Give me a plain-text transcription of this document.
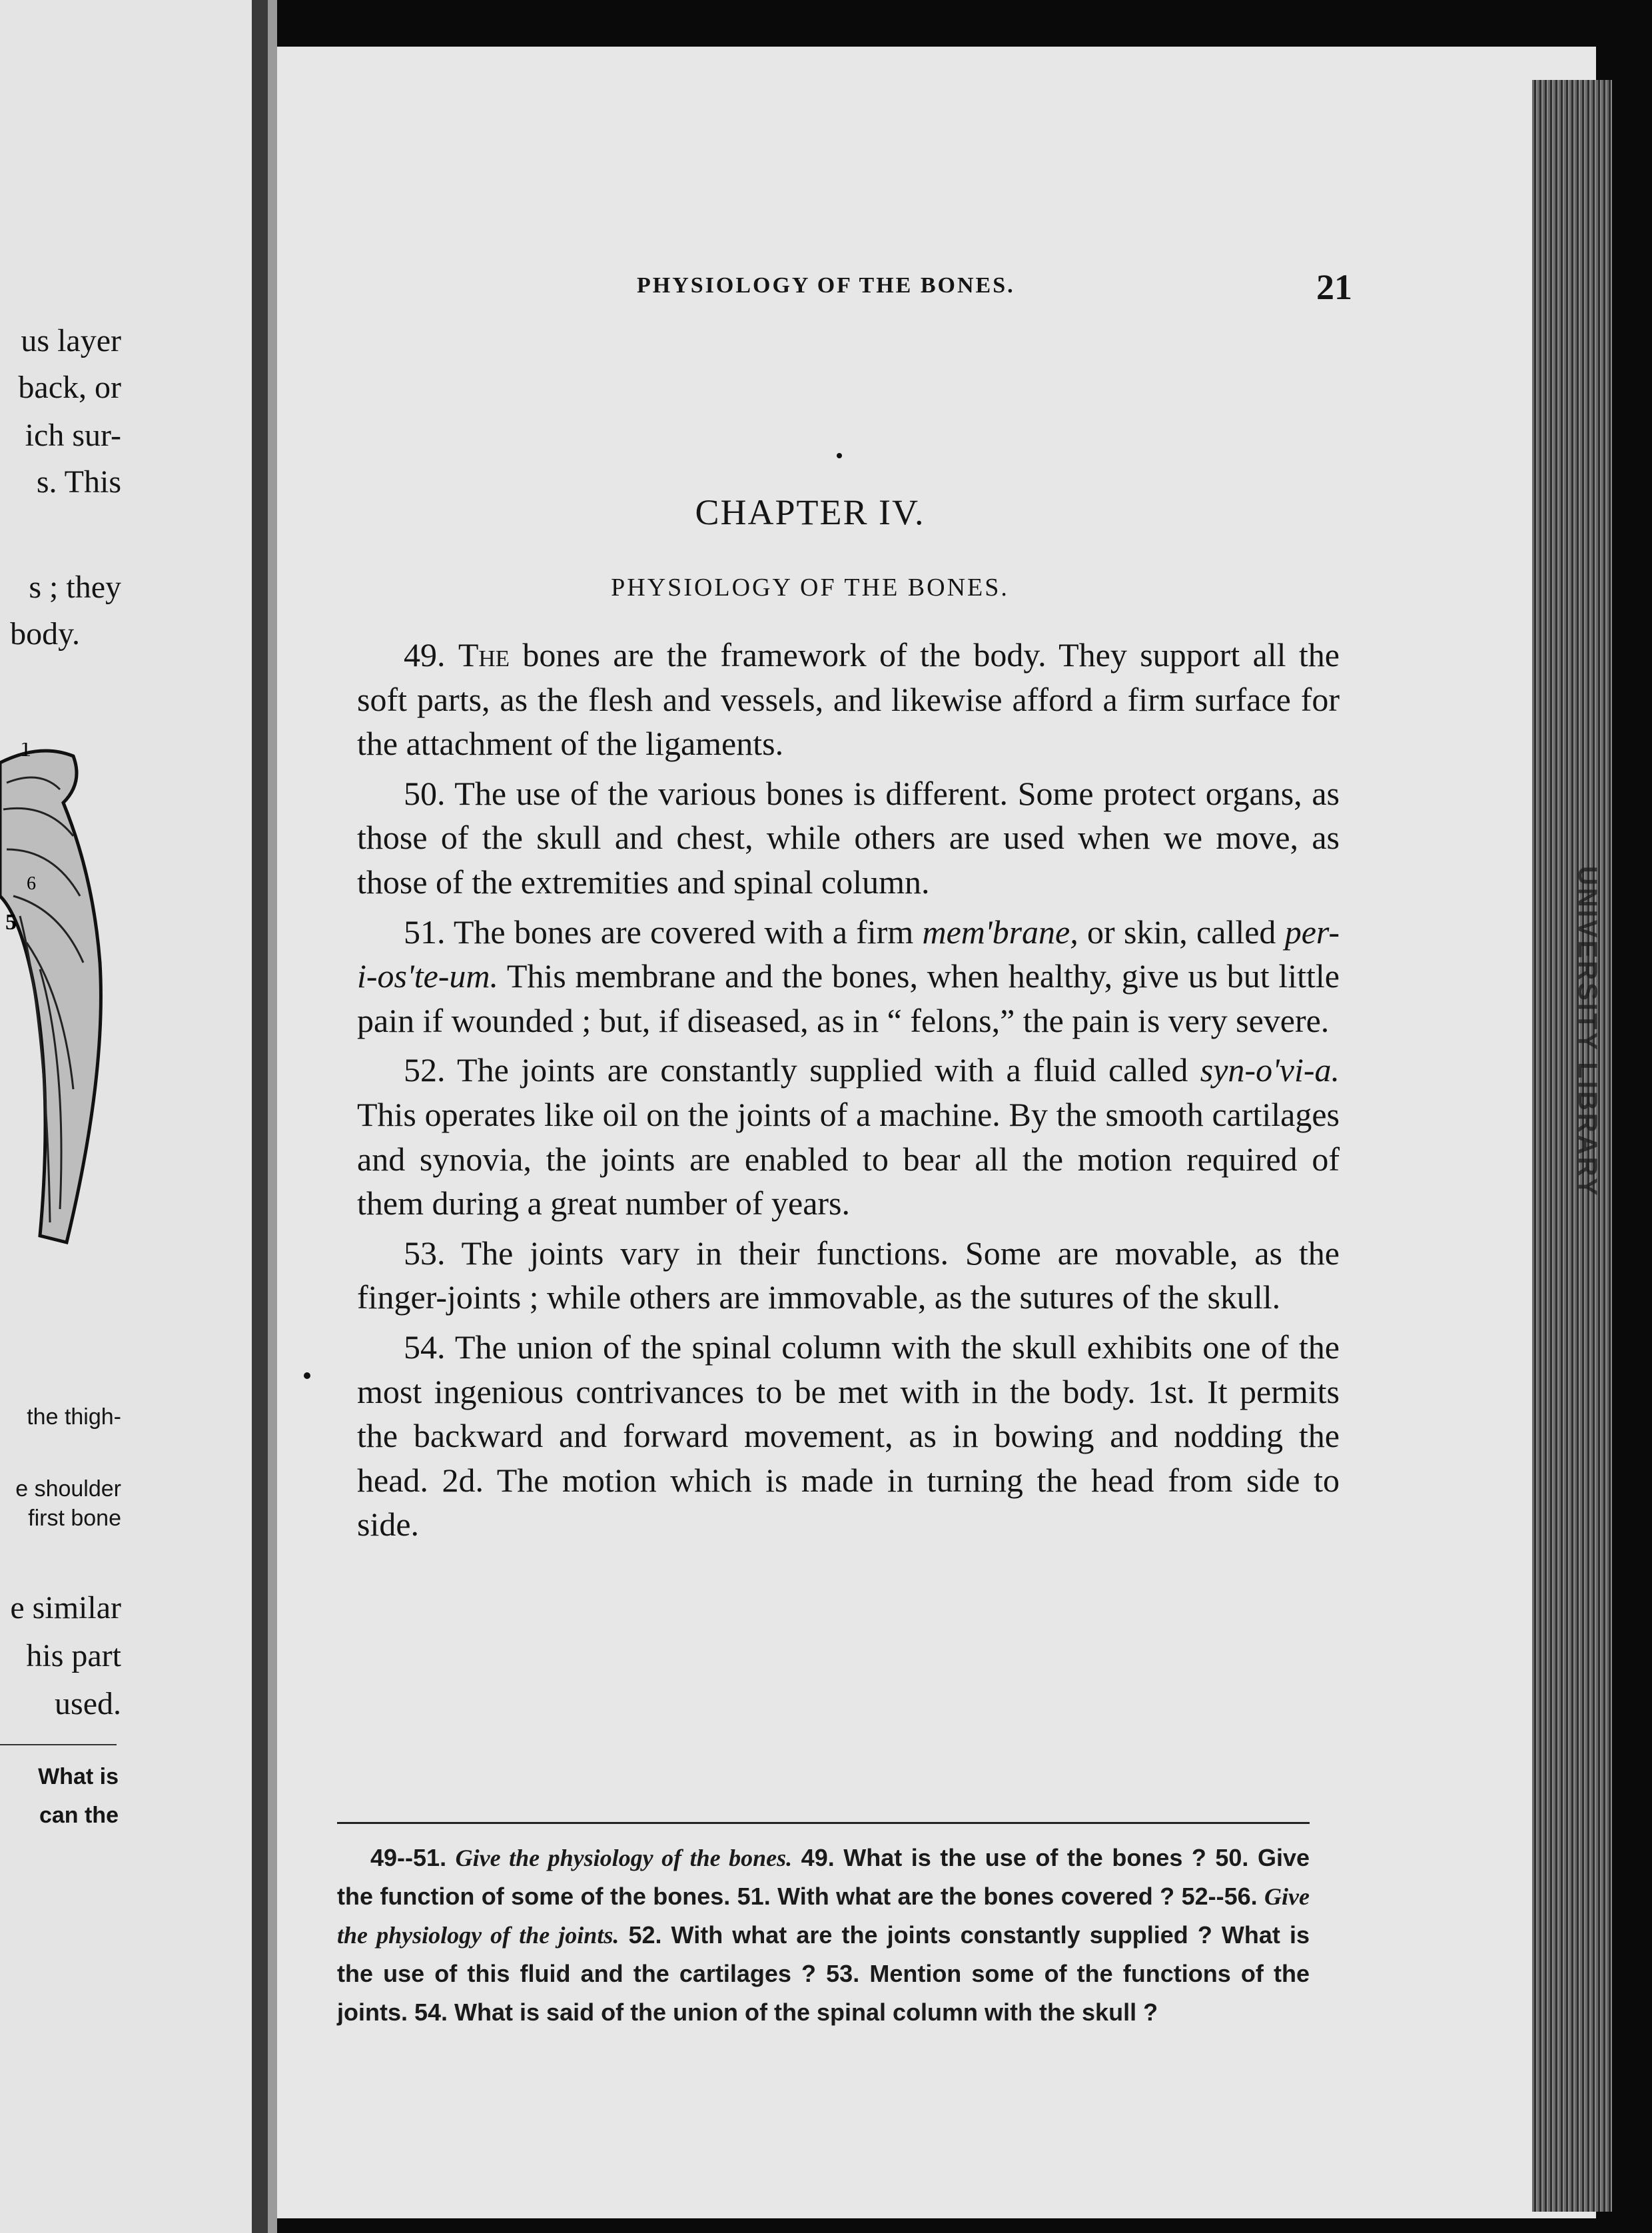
us layer
back, or
ich sur-
s. This
s ; they
body.
1
6
5
the thigh-
e shoulder
first bone
e similar
his part
used.
What is
can the
PHYSIOLOGY OF THE BONES.	21
CHAPTER IV.
PHYSIOLOGY OF THE BONES.

49. The bones are the framework of the body. They support all the soft parts, as the flesh and vessels, and likewise afford a firm surface for the attachment of the ligaments.

50. The use of the various bones is different. Some protect organs, as those of the skull and chest, while others are used when we move, as those of the extremities and spinal column.

51. The bones are covered with a firm mem'brane, or skin, called per-i-os'te-um. This membrane and the bones, when healthy, give us but little pain if wounded ; but, if diseased, as in “ felons,” the pain is very severe.

52. The joints are constantly supplied with a fluid called syn-o'vi-a. This operates like oil on the joints of a machine. By the smooth cartilages and synovia, the joints are enabled to bear all the motion required of them during a great number of years.

53. The joints vary in their functions. Some are movable, as the finger-joints ; while others are immovable, as the sutures of the skull.

54. The union of the spinal column with the skull exhibits one of the most ingenious contrivances to be met with in the body. 1st. It permits the backward and forward movement, as in bowing and nodding the head. 2d. The motion which is made in turning the head from side to side.

49--51. Give the physiology of the bones. 49. What is the use of the bones ? 50. Give the function of some of the bones. 51. With what are the bones covered ? 52--56. Give the physiology of the joints. 52. With what are the joints constantly supplied ? What is the use of this fluid and the cartilages ? 53. Mention some of the functions of the joints. 54. What is said of the union of the spinal column with the skull ?

UNIVERSITY LIBRARY
